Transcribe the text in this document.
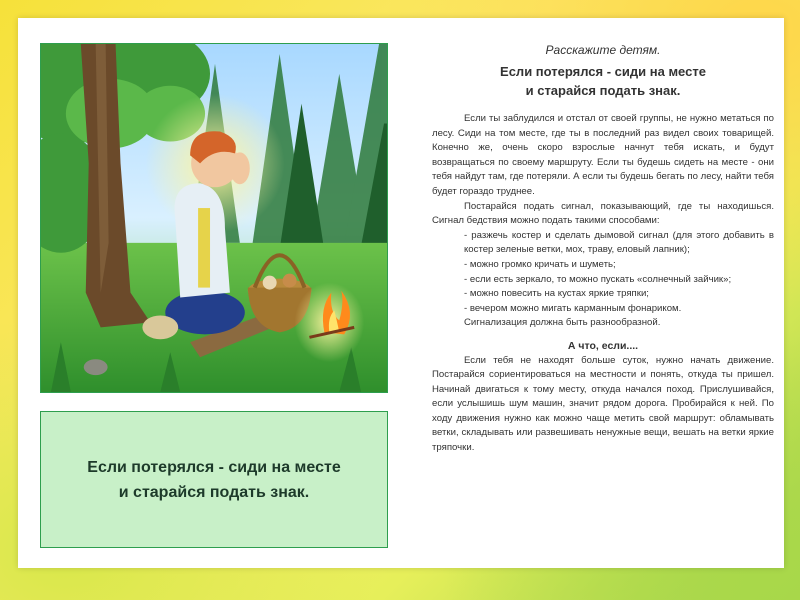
Если потерялся - сиди на месте
и старайся подать знак.
Расскажите детям.
Если потерялся - сиди на месте
и старайся подать знак.

Если ты заблудился и отстал от своей группы, не нужно метаться по лесу. Сиди на том месте, где ты в последний раз видел своих товарищей. Конечно же, очень скоро взрослые начнут тебя искать, и будут возвращаться по своему маршруту. Если ты будешь сидеть на месте - они тебя найдут там, где потеряли. А если ты будешь бегать по лесу, найти тебя будет гораздо труднее.

Постарайся подать сигнал, показывающий, где ты находишься. Сигнал бедствия можно подать такими способами:

- разжечь костер и сделать дымовой сигнал (для этого добавить в костер зеленые ветки, мох, траву, еловый лапник);

- можно громко кричать и шуметь;

- если есть зеркало, то можно пускать «солнечный зайчик»;

- можно повесить на кустах яркие тряпки;

- вечером можно мигать карманным фонариком.

Сигнализация должна быть разнообразной.

А что, если....

Если тебя не находят больше суток, нужно начать движение. Постарайся сориентироваться на местности и понять, откуда ты пришел. Начинай двигаться к тому месту, откуда начался поход. Прислушивайся, если услышишь шум машин, значит рядом дорога. Пробирайся к ней. По ходу движения нужно как можно чаще метить свой маршрут: обламывать ветки, складывать или развешивать ненужные вещи, вешать на ветки яркие тряпочки.
